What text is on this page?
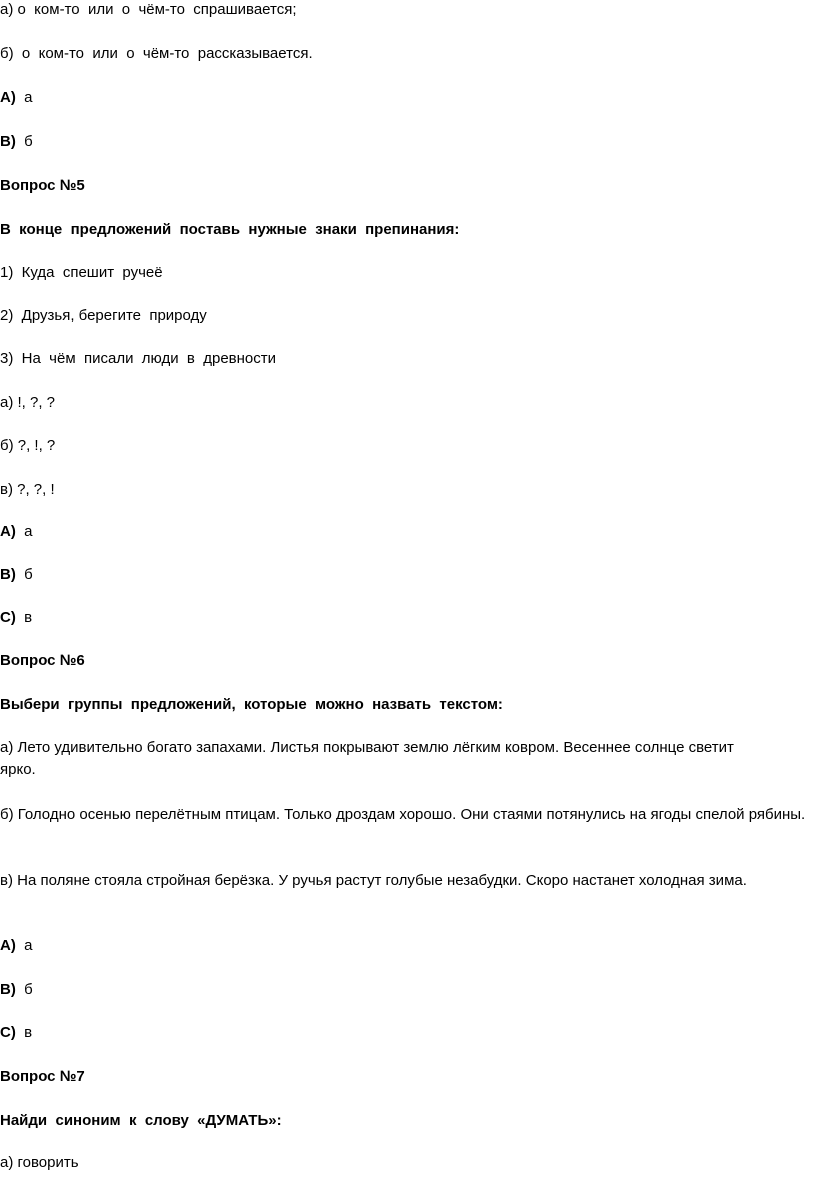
а) о  ком-то  или  о  чём-то  спрашивается;

б)  о  ком-то  или  о  чём-то  рассказывается.

A) а

B) б

Вопрос №5

В  конце  предложений  поставь  нужные  знаки  препинания:

1)  Куда  спешит  ручеё

2)  Друзья, берегите  природу

3)  На  чём  писали  люди  в  древности

а) !, ?, ?

б) ?, !, ?

в) ?, ?, !

A) а

B) б

C) в

Вопрос №6

Выбери  группы  предложений,  которые  можно  назвать  текстом:

а) Лето удивительно богато запахами. Листья покрывают землю лёгким ковром. Весеннее солнце светит ярко.

б) Голодно осенью перелётным птицам. Только дроздам хорошо. Они стаями потянулись на ягоды спелой рябины.

в) На поляне стояла стройная берёзка. У ручья растут голубые незабудки. Скоро настанет холодная зима.

A) а

B) б

C) в

Вопрос №7

Найди  синоним  к  слову  «ДУМАТЬ»:

а) говорить
